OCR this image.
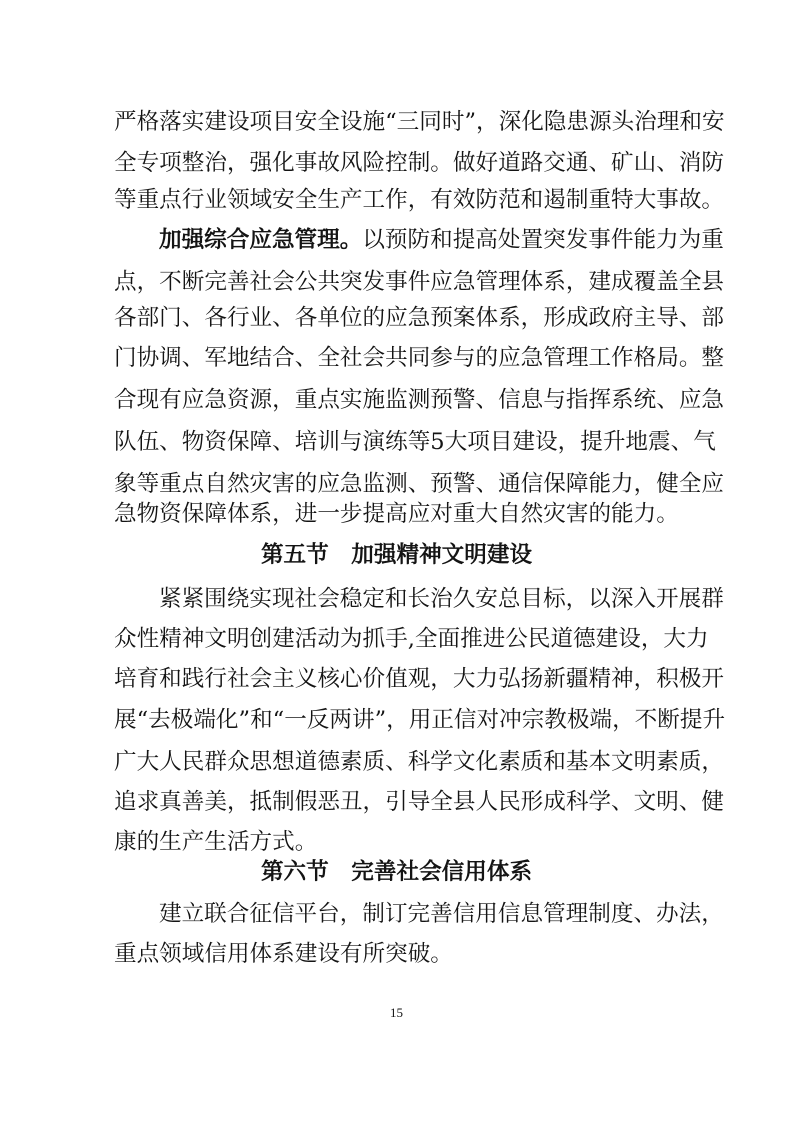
严格落实建设项目安全设施“三同时”，深化隐患源头治理和安
全专项整治，强化事故风险控制。做好道路交通、矿山、消防
等重点行业领域安全生产工作，有效防范和遏制重特大事故。
加强综合应急管理。以预防和提高处置突发事件能力为重
点，不断完善社会公共突发事件应急管理体系，建成覆盖全县
各部门、各行业、各单位的应急预案体系，形成政府主导、部
门协调、军地结合、全社会共同参与的应急管理工作格局。整
合现有应急资源，重点实施监测预警、信息与指挥系统、应急
队伍、物资保障、培训与演练等5大项目建设，提升地震、气
象等重点自然灾害的应急监测、预警、通信保障能力，健全应
急物资保障体系，进一步提高应对重大自然灾害的能力。
第五节　加强精神文明建设
紧紧围绕实现社会稳定和长治久安总目标，以深入开展群
众性精神文明创建活动为抓手,全面推进公民道德建设，大力
培育和践行社会主义核心价值观，大力弘扬新疆精神，积极开
展“去极端化”和“一反两讲”，用正信对冲宗教极端，不断提升
广大人民群众思想道德素质、科学文化素质和基本文明素质，
追求真善美，抵制假恶丑，引导全县人民形成科学、文明、健
康的生产生活方式。
第六节　完善社会信用体系
建立联合征信平台，制订完善信用信息管理制度、办法，
重点领域信用体系建设有所突破。
15
